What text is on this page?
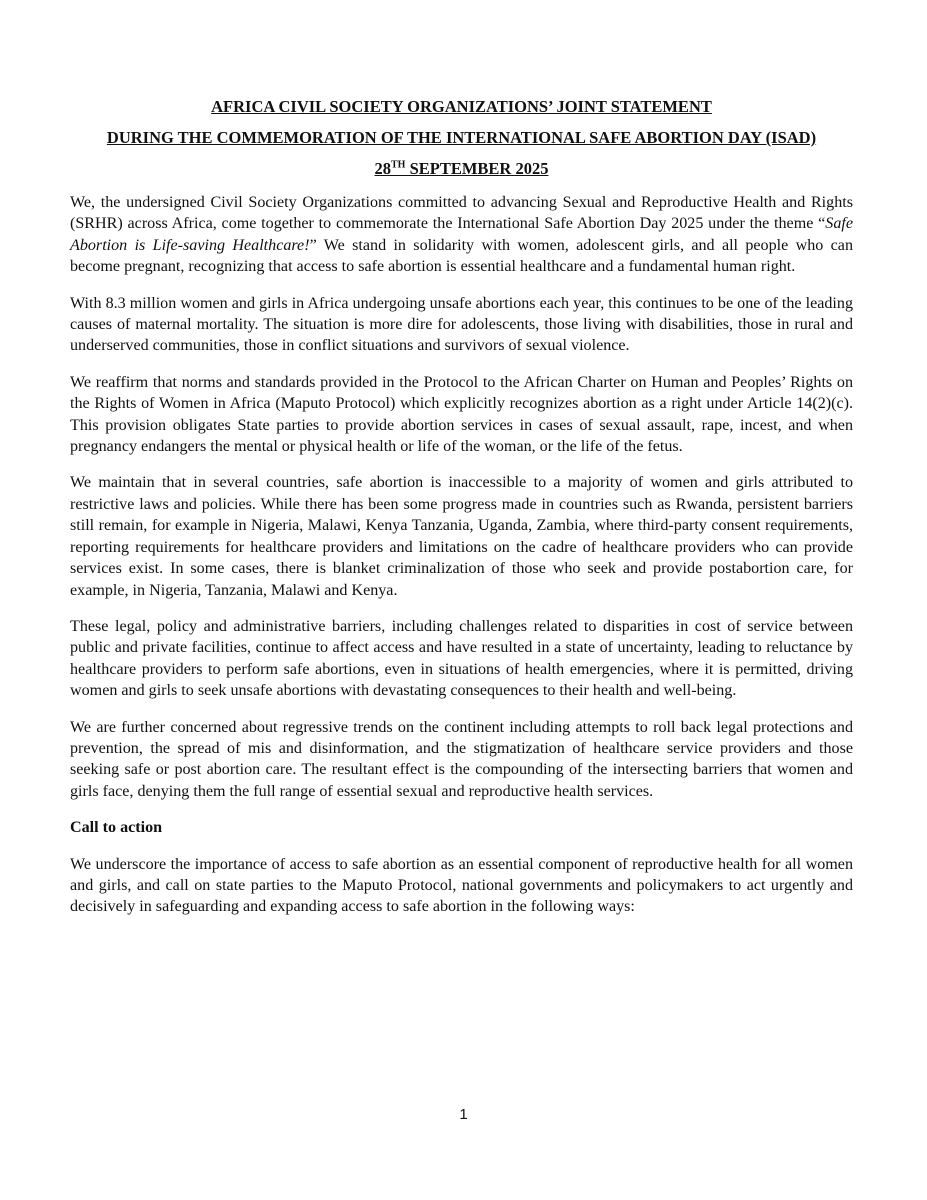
AFRICA CIVIL SOCIETY ORGANIZATIONS’ JOINT STATEMENT
DURING THE COMMEMORATION OF THE INTERNATIONAL SAFE ABORTION DAY (ISAD)
28TH SEPTEMBER 2025

We, the undersigned Civil Society Organizations committed to advancing Sexual and Reproductive Health and Rights (SRHR) across Africa, come together to commemorate the International Safe Abortion Day 2025 under the theme “Safe Abortion is Life-saving Healthcare!” We stand in solidarity with women, adolescent girls, and all people who can become pregnant, recognizing that access to safe abortion is essential healthcare and a fundamental human right.

With 8.3 million women and girls in Africa undergoing unsafe abortions each year, this continues to be one of the leading causes of maternal mortality. The situation is more dire for adolescents, those living with disabilities, those in rural and underserved communities, those in conflict situations and survivors of sexual violence.

We reaffirm that norms and standards provided in the Protocol to the African Charter on Human and Peoples’ Rights on the Rights of Women in Africa (Maputo Protocol) which explicitly recognizes abortion as a right under Article 14(2)(c). This provision obligates State parties to provide abortion services in cases of sexual assault, rape, incest, and when pregnancy endangers the mental or physical health or life of the woman, or the life of the fetus.

We maintain that in several countries, safe abortion is inaccessible to a majority of women and girls attributed to restrictive laws and policies. While there has been some progress made in countries such as Rwanda, persistent barriers still remain, for example in Nigeria, Malawi, Kenya Tanzania, Uganda, Zambia, where third-party consent requirements, reporting requirements for healthcare providers and limitations on the cadre of healthcare providers who can provide services exist. In some cases, there is blanket criminalization of those who seek and provide postabortion care, for example, in Nigeria, Tanzania, Malawi and Kenya.

These legal, policy and administrative barriers, including challenges related to disparities in cost of service between public and private facilities, continue to affect access and have resulted in a state of uncertainty, leading to reluctance by healthcare providers to perform safe abortions, even in situations of health emergencies, where it is permitted, driving women and girls to seek unsafe abortions with devastating consequences to their health and well-being.

We are further concerned about regressive trends on the continent including attempts to roll back legal protections and prevention, the spread of mis and disinformation, and the stigmatization of healthcare service providers and those seeking safe or post abortion care. The resultant effect is the compounding of the intersecting barriers that women and girls face, denying them the full range of essential sexual and reproductive health services.

Call to action

We underscore the importance of access to safe abortion as an essential component of reproductive health for all women and girls, and call on state parties to the Maputo Protocol, national governments and policymakers to act urgently and decisively in safeguarding and expanding access to safe abortion in the following ways:

1
